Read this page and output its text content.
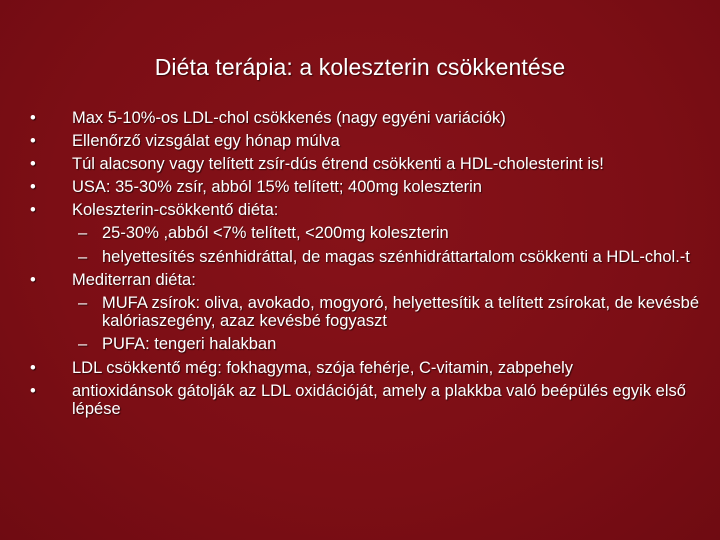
Diéta terápia: a koleszterin csökkentése
•	Max 5-10%-os LDL-chol csökkenés (nagy egyéni variációk)
•	Ellenőrző vizsgálat egy hónap múlva
•	Túl alacsony vagy telített zsír-dús étrend csökkenti a HDL-cholesterint is!
•	USA: 35-30% zsír, abból 15% telített; 400mg koleszterin
•	Koleszterin-csökkentő diéta:
– 25-30% ,abból <7% telített, <200mg koleszterin
– helyettesítés szénhidráttal, de magas szénhidráttartalom csökkenti a HDL-chol.-t
•	Mediterran diéta:
– MUFA zsírok: oliva, avokado, mogyoró, helyettesítik a telített zsírokat, de kevésbé kalóriaszegény, azaz kevésbé fogyaszt
– PUFA: tengeri halakban
•	LDL csökkentő még: fokhagyma, szója fehérje, C-vitamin, zabpehely
•	antioxidánsok gátolják az LDL oxidációját, amely a plakkba való beépülés egyik első lépése
